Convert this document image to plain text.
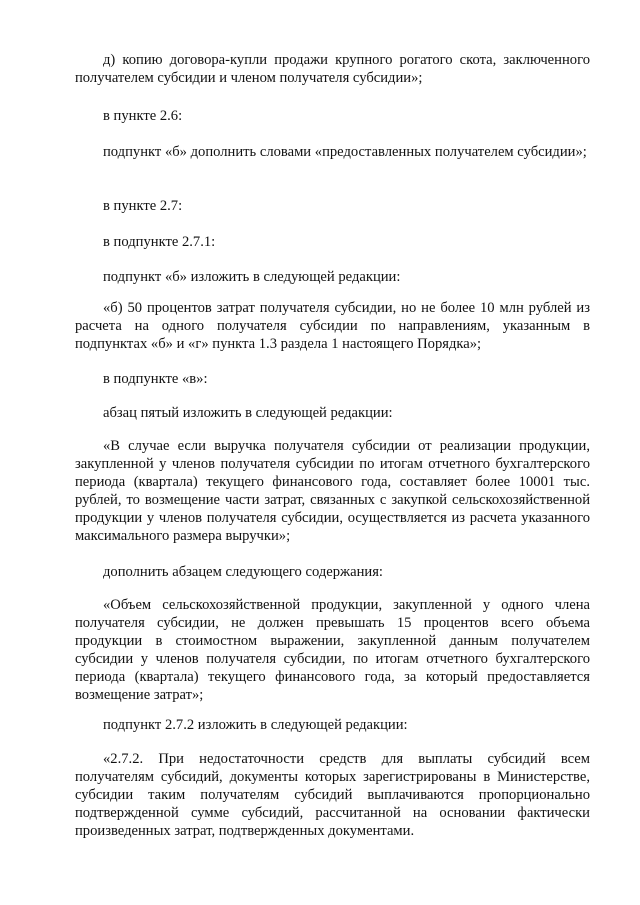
д) копию договора-купли продажи крупного рогатого скота, заключенного получателем субсидии и членом получателя субсидии»;

в пункте 2.6:

подпункт «б» дополнить словами «предоставленных получателем субсидии»;

в пункте 2.7:

в подпункте 2.7.1:

подпункт «б» изложить в следующей редакции:

«б) 50 процентов затрат получателя субсидии, но не более 10 млн рублей из расчета на одного получателя субсидии по направлениям, указанным в подпунктах «б» и «г» пункта 1.3 раздела 1 настоящего Порядка»;

в подпункте «в»:

абзац пятый изложить в следующей редакции:

«В случае если выручка получателя субсидии от реализации продукции, закупленной у членов получателя субсидии по итогам отчетного бухгалтерского периода (квартала) текущего финансового года, составляет более 10001 тыс. рублей, то возмещение части затрат, связанных с закупкой сельскохозяйственной продукции у членов получателя субсидии, осуществляется из расчета указанного максимального размера выручки»;

дополнить абзацем следующего содержания:

«Объем сельскохозяйственной продукции, закупленной у одного члена получателя субсидии, не должен превышать 15 процентов всего объема продукции в стоимостном выражении, закупленной данным получателем субсидии у членов получателя субсидии, по итогам отчетного бухгалтерского периода (квартала) текущего финансового года, за который предоставляется возмещение затрат»;

подпункт 2.7.2 изложить в следующей редакции:

«2.7.2. При недостаточности средств для выплаты субсидий всем получателям субсидий, документы которых зарегистрированы в Министерстве, субсидии таким получателям субсидий выплачиваются пропорционально подтвержденной сумме субсидий, рассчитанной на основании фактически произведенных затрат, подтвержденных документами.
